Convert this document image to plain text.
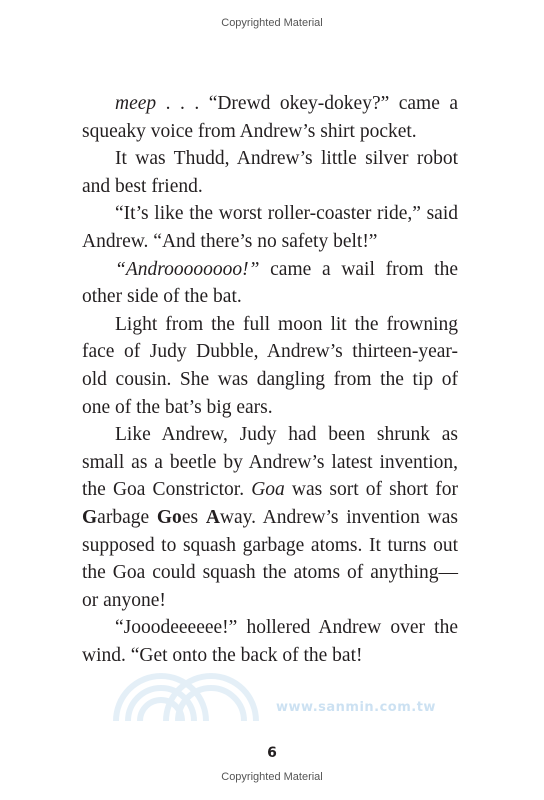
Copyrighted Material

meep . . . “Drewd okey-dokey?” came a squeaky voice from Andrew’s shirt pocket.

It was Thudd, Andrew’s little silver robot and best friend.

“It’s like the worst roller-coaster ride,” said Andrew. “And there’s no safety belt!”

“Androooooooo!” came a wail from the other side of the bat.

Light from the full moon lit the frowning face of Judy Dubble, Andrew’s thirteen-year-old cousin. She was dangling from the tip of one of the bat’s big ears.

Like Andrew, Judy had been shrunk as small as a beetle by Andrew’s latest invention, the Goa Constrictor. Goa was sort of short for Garbage Goes Away. Andrew’s invention was supposed to squash garbage atoms. It turns out the Goa could squash the atoms of anything—or anyone!

“Jooodeeeeee!” hollered Andrew over the wind. “Get onto the back of the bat!

www.sanmin.com.tw
6
Copyrighted Material
